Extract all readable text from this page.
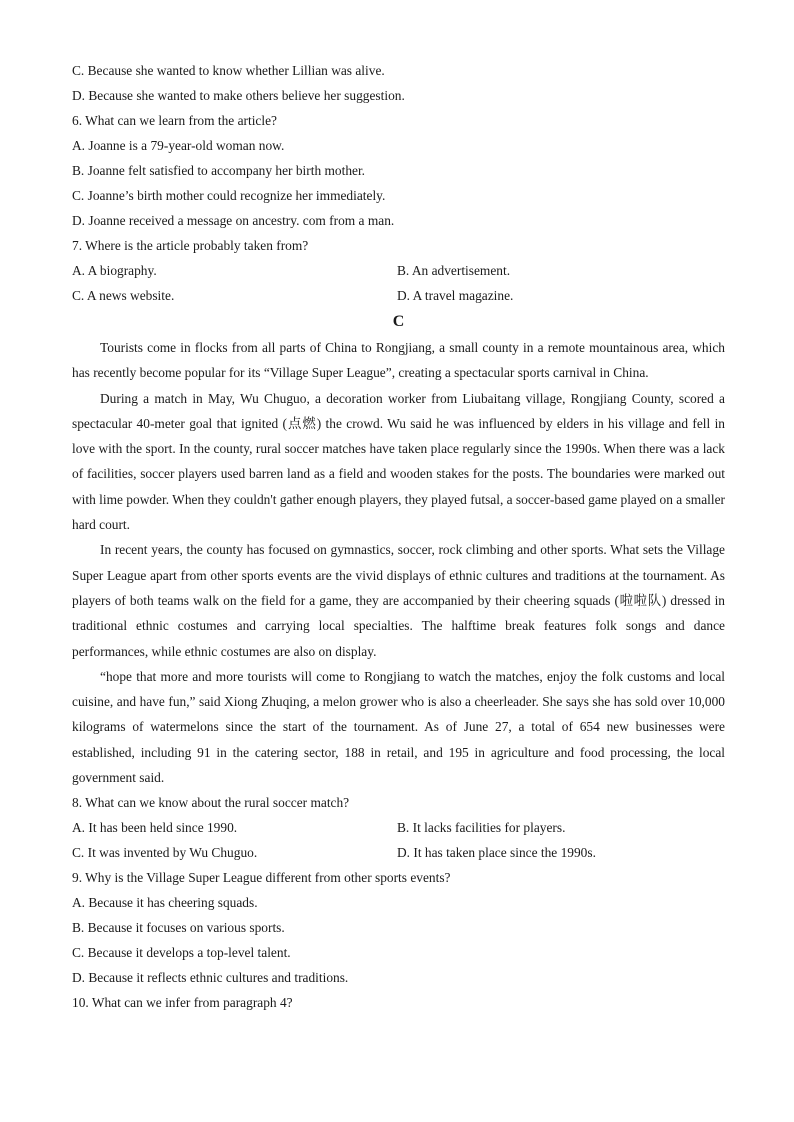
C. Because she wanted to know whether Lillian was alive.
D. Because she wanted to make others believe her suggestion.
6. What can we learn from the article?
A. Joanne is a 79-year-old woman now.
B. Joanne felt satisfied to accompany her birth mother.
C. Joanne’s birth mother could recognize her immediately.
D. Joanne received a message on ancestry. com from a man.
7. Where is the article probably taken from?
A. A biography.	B. An advertisement.
C. A news website.	D. A travel magazine.
C

Tourists come in flocks from all parts of China to Rongjiang, a small county in a remote mountainous area, which has recently become popular for its “Village Super League”, creating a spectacular sports carnival in China.

During a match in May, Wu Chuguo, a decoration worker from Liubaitang village, Rongjiang County, scored a spectacular 40-meter goal that ignited (点燃) the crowd. Wu said he was influenced by elders in his village and fell in love with the sport. In the county, rural soccer matches have taken place regularly since the 1990s. When there was a lack of facilities, soccer players used barren land as a field and wooden stakes for the posts. The boundaries were marked out with lime powder. When they couldn't gather enough players, they played futsal, a soccer-based game played on a smaller hard court.

In recent years, the county has focused on gymnastics, soccer, rock climbing and other sports. What sets the Village Super League apart from other sports events are the vivid displays of ethnic cultures and traditions at the tournament. As players of both teams walk on the field for a game, they are accompanied by their cheering squads (啦啦队) dressed in traditional ethnic costumes and carrying local specialties. The halftime break features folk songs and dance performances, while ethnic costumes are also on display.

“hope that more and more tourists will come to Rongjiang to watch the matches, enjoy the folk customs and local cuisine, and have fun,” said Xiong Zhuqing, a melon grower who is also a cheerleader. She says she has sold over 10,000 kilograms of watermelons since the start of the tournament. As of June 27, a total of 654 new businesses were established, including 91 in the catering sector, 188 in retail, and 195 in agriculture and food processing, the local government said.

8. What can we know about the rural soccer match?
A. It has been held since 1990.	B. It lacks facilities for players.
C. It was invented by Wu Chuguo.	D. It has taken place since the 1990s.
9. Why is the Village Super League different from other sports events?
A. Because it has cheering squads.
B. Because it focuses on various sports.
C. Because it develops a top-level talent.
D. Because it reflects ethnic cultures and traditions.
10. What can we infer from paragraph 4?
